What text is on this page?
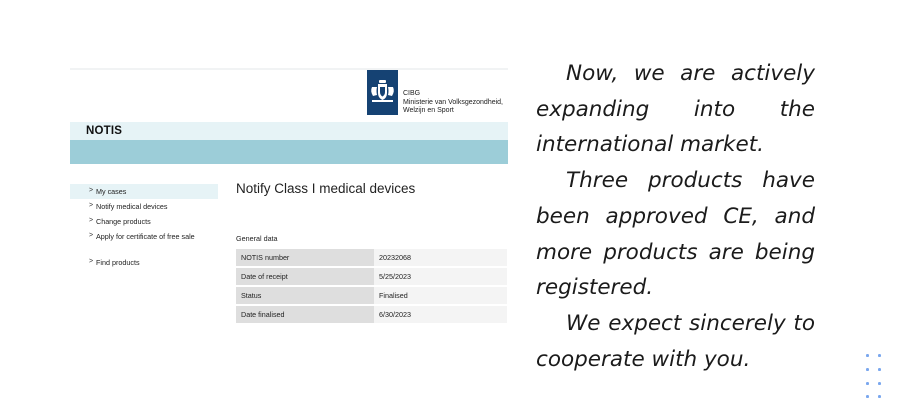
CIBG
Ministerie van Volksgezondheid,
Welzijn en Sport
NOTIS
> My cases
> Notify medical devices
> Change products
> Apply for certificate of free sale
> Find products
Notify Class I medical devices
General data
NOTIS number	20232068
Date of receipt	5/25/2023
Status	Finalised
Date finalised	6/30/2023

Now, we are actively expanding into the international market.

Three products have been approved CE, and more products are being registered.

We expect sincerely to cooperate with you.
